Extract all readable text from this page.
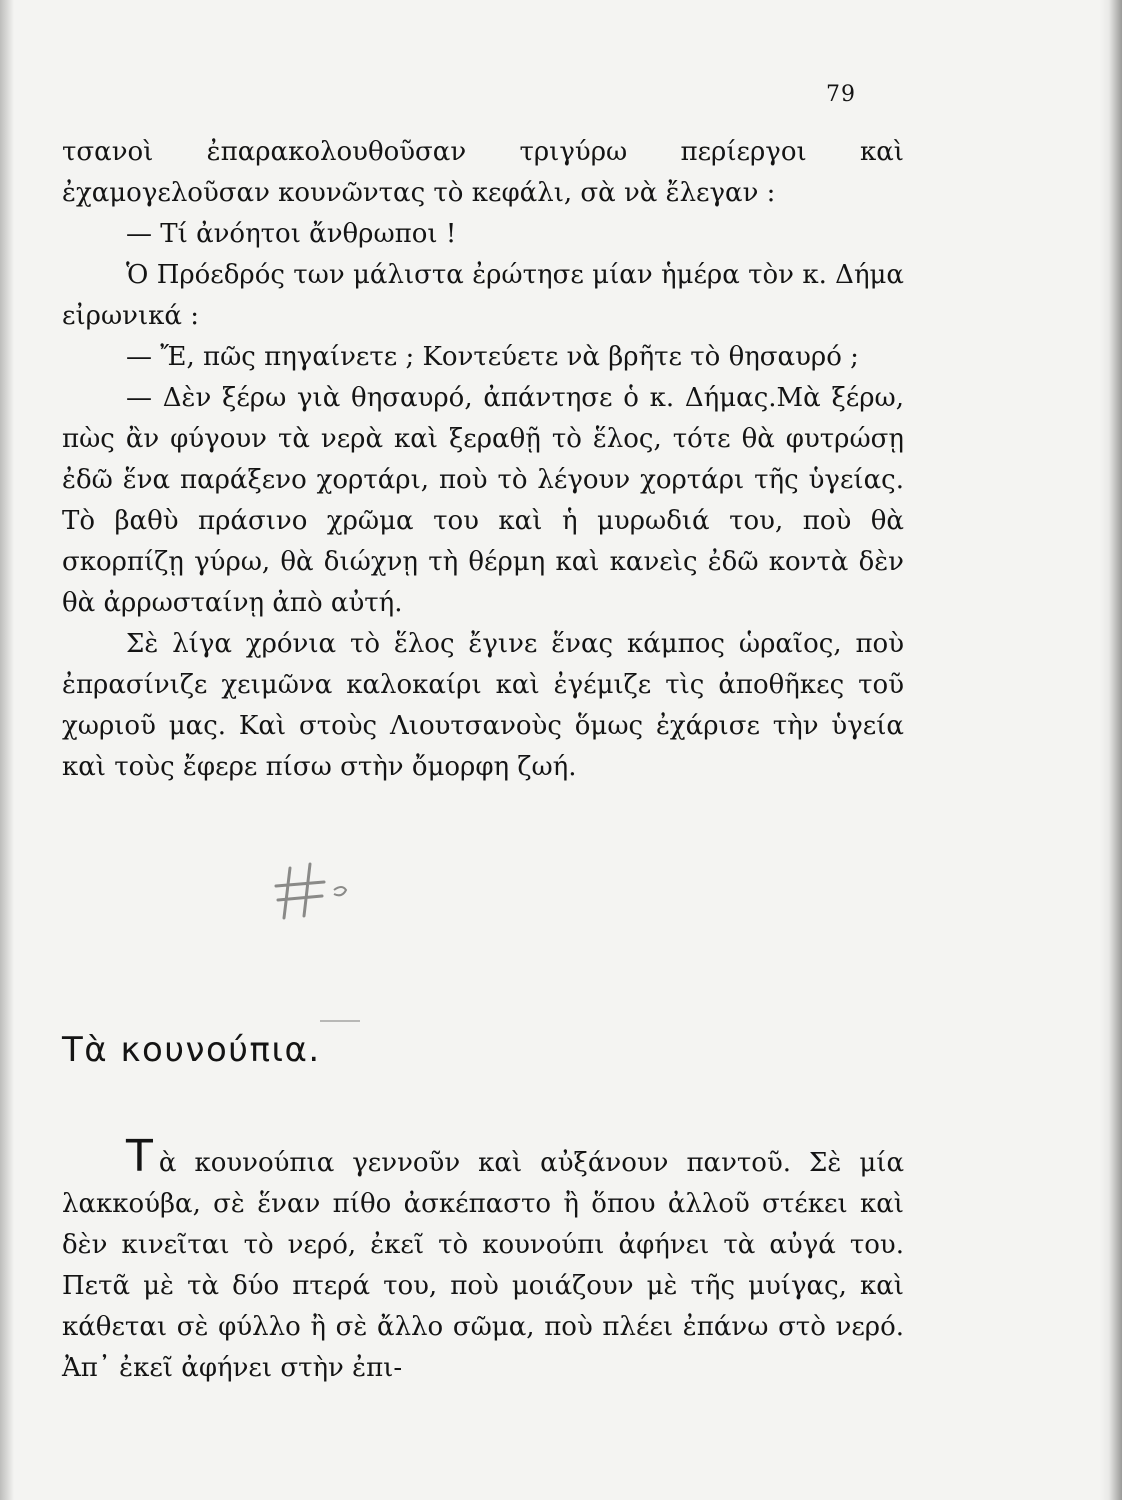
79

τσανοὶ ἐπαρακολουθοῦσαν τριγύρω περίεργοι καὶ ἐχαμογελοῦσαν κουνῶντας τὸ κεφάλι, σὰ νὰ ἔλεγαν :

— Τί ἀνόητοι ἄνθρωποι !

Ὁ Πρόεδρός των μάλιστα ἐρώτησε μίαν ἡμέρα τὸν κ. Δήμα εἰρωνικά :

— Ἔ, πῶς πηγαίνετε ; Κοντεύετε νὰ βρῆτε τὸ θησαυρό ;

— Δὲν ξέρω γιὰ θησαυρό, ἀπάντησε ὁ κ. Δήμας.Μὰ ξέρω, πὼς ἂν φύγουν τὰ νερὰ καὶ ξεραθῇ τὸ ἕλος, τότε θὰ φυτρώσῃ ἐδῶ ἕνα παράξενο χορτάρι, ποὺ τὸ λέγουν χορτάρι τῆς ὑγείας. Τὸ βαθὺ πράσινο χρῶμα του καὶ ἡ μυρωδιά του, ποὺ θὰ σκορπίζῃ γύρω, θὰ διώχνῃ τὴ θέρμη καὶ κανεὶς ἐδῶ κοντὰ δὲν θὰ ἀρρωσταίνῃ ἀπὸ αὐτή.

Σὲ λίγα χρόνια τὸ ἕλος ἔγινε ἕνας κάμπος ὡραῖος, ποὺ ἐπρασίνιζε χειμῶνα καλοκαίρι καὶ ἐγέμιζε τὶς ἀποθῆκες τοῦ χωριοῦ μας. Καὶ στοὺς Λιουτσανοὺς ὅμως ἐχάρισε τὴν ὑγεία καὶ τοὺς ἔφερε πίσω στὴν ὄμορφη ζωή.

Τὰ κουνούπια.

Τὰ κουνούπια γεννοῦν καὶ αὐξάνουν παντοῦ. Σὲ μία λακκούβα, σὲ ἕναν πίθο ἀσκέπαστο ἢ ὅπου ἀλλοῦ στέκει καὶ δὲν κινεῖται τὸ νερό, ἐκεῖ τὸ κουνούπι ἀφήνει τὰ αὐγά του. Πετᾶ μὲ τὰ δύο πτερά του, ποὺ μοιάζουν μὲ τῆς μυίγας, καὶ κάθεται σὲ φύλλο ἢ σὲ ἄλλο σῶμα, ποὺ πλέει ἐπάνω στὸ νερό. Ἀπ᾽ ἐκεῖ ἀφήνει στὴν ἐπι-
